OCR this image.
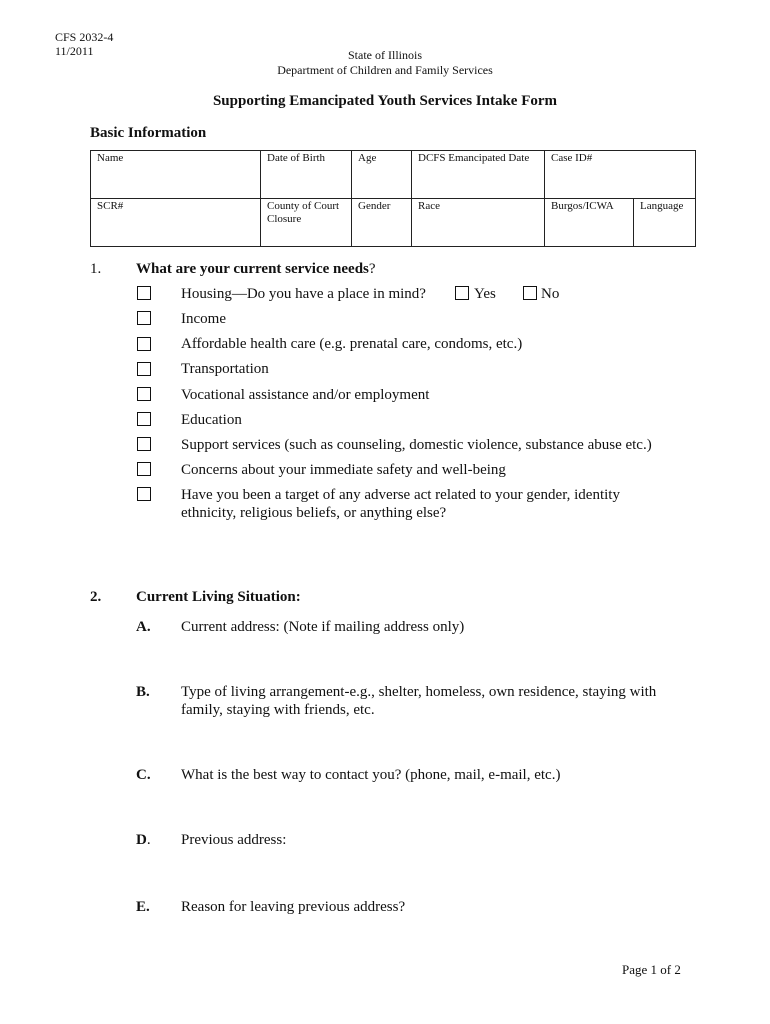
CFS 2032-4
11/2011	State of Illinois
Department of Children and Family Services
Supporting Emancipated Youth Services Intake Form
Basic Information
Name	Date of Birth	Age	DCFS Emancipated Date	Case ID#	
SCR#	County of Court Closure	Gender	Race	Burgos/ICWA	Language
1. What are your current service needs?
Housing—Do you have a place in mind?	Yes	No
Income
Affordable health care (e.g. prenatal care, condoms, etc.)
Transportation
Vocational assistance and/or employment
Education
Support services (such as counseling, domestic violence, substance abuse etc.)
Concerns about your immediate safety and well-being
Have you been a target of any adverse act related to your gender, identity
ethnicity, religious beliefs, or anything else?
2. Current Living Situation:
A. Current address: (Note if mailing address only)
B. Type of living arrangement-e.g., shelter, homeless, own residence, staying with
family, staying with friends, etc.
C. What is the best way to contact you? (phone, mail, e-mail, etc.)
D. Previous address:
E. Reason for leaving previous address?
Page 1 of 2
